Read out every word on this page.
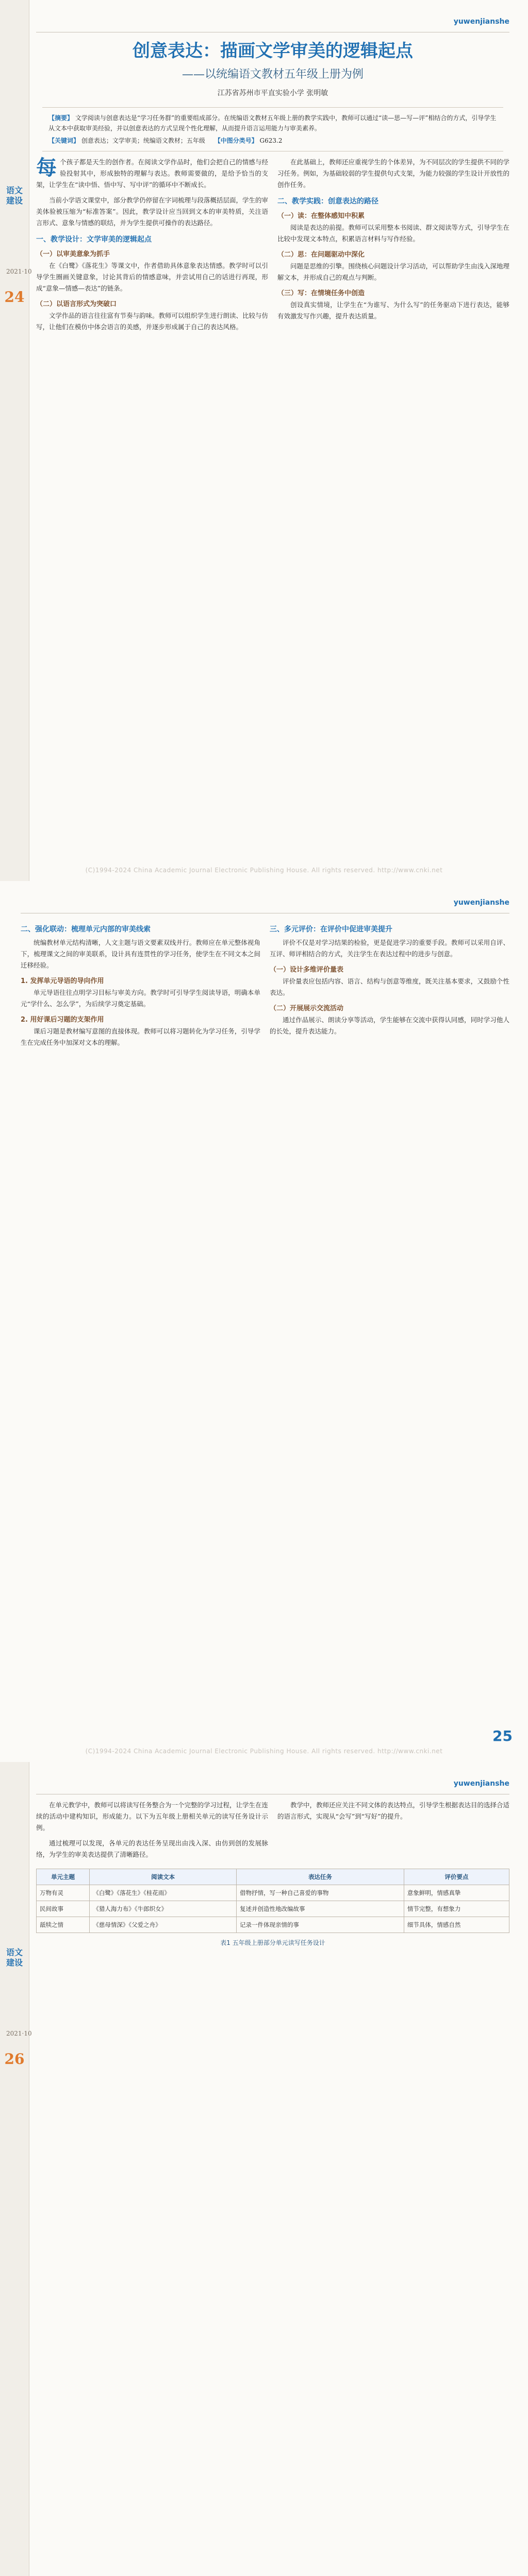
语文建设
2021·10
24
yuwenjianshe
创意表达：描画文学审美的逻辑起点
——以统编语文教材五年级上册为例
江苏省苏州市平直实验小学 张明敏
【摘要】 文学阅读与创意表达是“学习任务群”的重要组成部分。在统编语文教材五年级上册的教学实践中，教师可以通过“读—思—写—评”相结合的方式，引导学生从文本中获取审美经验，并以创意表达的方式呈现个性化理解，从而提升语言运用能力与审美素养。
【关键词】 创意表达；文学审美；统编语文教材；五年级 【中图分类号】 G623.2

每个孩子都是天生的创作者。在阅读文学作品时，他们会把自己的情感与经验投射其中，形成独特的理解与表达。教师需要做的，是给予恰当的支架，让学生在“读中悟、悟中写、写中评”的循环中不断成长。

当前小学语文课堂中，部分教学仍停留在字词梳理与段落概括层面，学生的审美体验被压缩为“标准答案”。因此，教学设计应当回到文本的审美特质，关注语言形式、意象与情感的联结，并为学生提供可操作的表达路径。

一、教学设计：文学审美的逻辑起点
（一）以审美意象为抓手

在《白鹭》《落花生》等课文中，作者借助具体意象表达情感。教学时可以引导学生圈画关键意象，讨论其背后的情感意味，并尝试用自己的话进行再现，形成“意象—情感—表达”的链条。

（二）以语言形式为突破口

文学作品的语言往往富有节奏与韵味。教师可以组织学生进行朗读、比较与仿写，让他们在模仿中体会语言的美感，并逐步形成属于自己的表达风格。

在此基础上，教师还应重视学生的个体差异，为不同层次的学生提供不同的学习任务。例如，为基础较弱的学生提供句式支架，为能力较强的学生设计开放性的创作任务。

二、教学实践：创意表达的路径
（一）读：在整体感知中积累

阅读是表达的前提。教师可以采用整本书阅读、群文阅读等方式，引导学生在比较中发现文本特点，积累语言材料与写作经验。

（二）思：在问题驱动中深化

问题是思维的引擎。围绕核心问题设计学习活动，可以帮助学生由浅入深地理解文本，并形成自己的观点与判断。

（三）写：在情境任务中创造

创设真实情境，让学生在“为谁写、为什么写”的任务驱动下进行表达，能够有效激发写作兴趣，提升表达质量。

(C)1994-2024 China Academic Journal Electronic Publishing House. All rights reserved. http://www.cnki.net
yuwenjianshe
二、强化联动：梳理单元内部的审美线索

统编教材单元结构清晰，人文主题与语文要素双线并行。教师应在单元整体视角下，梳理课文之间的审美联系，设计具有连贯性的学习任务，使学生在不同文本之间迁移经验。

1. 发挥单元导语的导向作用

单元导语往往点明学习目标与审美方向。教学时可引导学生阅读导语，明确本单元“学什么、怎么学”，为后续学习奠定基础。

2. 用好课后习题的支架作用

课后习题是教材编写意图的直接体现。教师可以将习题转化为学习任务，引导学生在完成任务中加深对文本的理解。

三、多元评价：在评价中促进审美提升

评价不仅是对学习结果的检验，更是促进学习的重要手段。教师可以采用自评、互评、师评相结合的方式，关注学生在表达过程中的进步与创意。

（一）设计多维评价量表

评价量表应包括内容、语言、结构与创意等维度，既关注基本要求，又鼓励个性表达。

（二）开展展示交流活动

通过作品展示、朗读分享等活动，学生能够在交流中获得认同感，同时学习他人的长处，提升表达能力。

25
(C)1994-2024 China Academic Journal Electronic Publishing House. All rights reserved. http://www.cnki.net
语文建设
2021·10
26
yuwenjianshe

在单元教学中，教师可以将读写任务整合为一个完整的学习过程，让学生在连续的活动中建构知识，形成能力。以下为五年级上册相关单元的读写任务设计示例。

通过梳理可以发现，各单元的表达任务呈现出由浅入深、由仿到创的发展脉络，为学生的审美表达提供了清晰路径。

教学中，教师还应关注不同文体的表达特点，引导学生根据表达目的选择合适的语言形式，实现从“会写”到“写好”的提升。

单元主题	阅读文本	表达任务	评价要点
万物有灵	《白鹭》《落花生》《桂花雨》	借物抒情，写一种自己喜爱的事物	意象鲜明，情感真挚
民间故事	《猎人海力布》《牛郎织女》	复述并创造性地改编故事	情节完整，有想象力
舐犊之情	《慈母情深》《父爱之舟》	记录一件体现亲情的事	细节具体，情感自然
表1 五年级上册部分单元读写任务设计
